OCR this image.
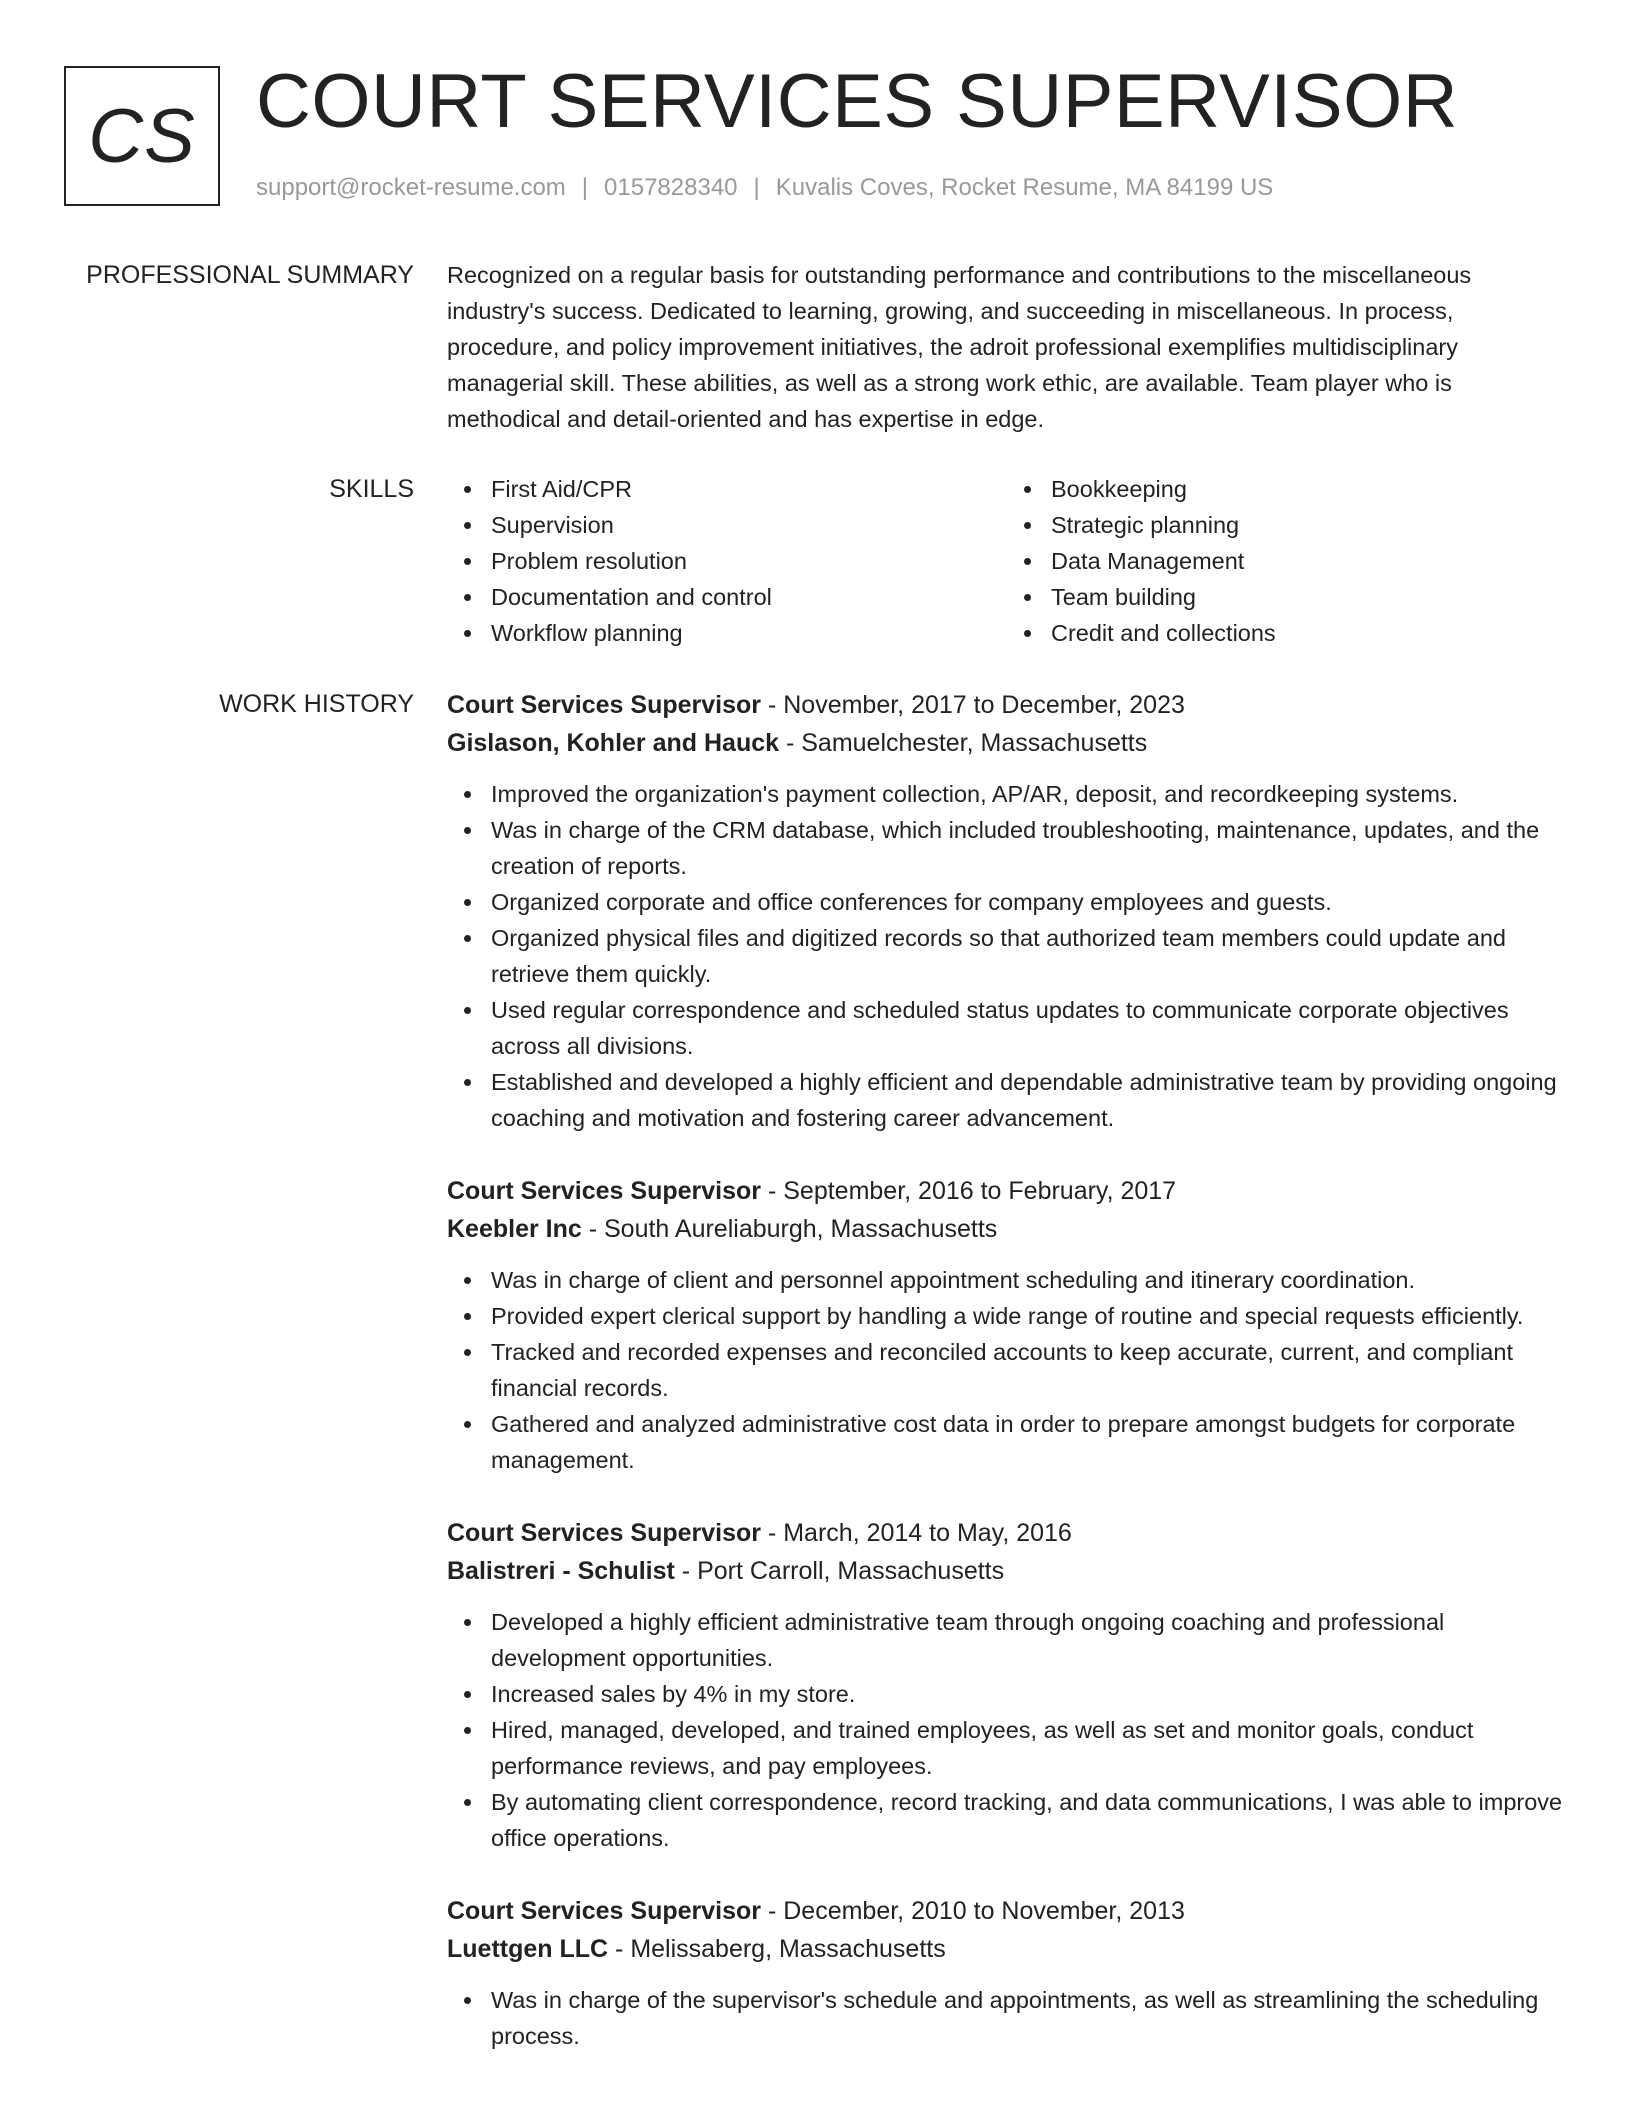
CS COURT SERVICES SUPERVISOR
support@rocket-resume.com | 0157828340 | Kuvalis Coves, Rocket Resume, MA 84199 US
PROFESSIONAL SUMMARY Recognized on a regular basis for outstanding performance and contributions to the miscellaneous industry's success. Dedicated to learning, growing, and succeeding in miscellaneous. In process, procedure, and policy improvement initiatives, the adroit professional exemplifies multidisciplinary managerial skill. These abilities, as well as a strong work ethic, are available. Team player who is methodical and detail-oriented and has expertise in edge.

SKILLS	First Aid/CPR
Supervision
Problem resolution
Documentation and control
Workflow planning
Bookkeeping
Strategic planning
Data Management
Team building
Credit and collections
WORK HISTORY Court Services Supervisor - November, 2017 to December, 2023

Gislason, Kohler and Hauck - Samuelchester, Massachusetts

Improved the organization's payment collection, AP/AR, deposit, and recordkeeping systems.
Was in charge of the CRM database, which included troubleshooting, maintenance, updates, and the creation of reports.
Organized corporate and office conferences for company employees and guests.
Organized physical files and digitized records so that authorized team members could update and retrieve them quickly.
Used regular correspondence and scheduled status updates to communicate corporate objectives across all divisions.
Established and developed a highly efficient and dependable administrative team by providing ongoing coaching and motivation and fostering career advancement.

Court Services Supervisor - September, 2016 to February, 2017

Keebler Inc - South Aureliaburgh, Massachusetts

Was in charge of client and personnel appointment scheduling and itinerary coordination.
Provided expert clerical support by handling a wide range of routine and special requests efficiently.
Tracked and recorded expenses and reconciled accounts to keep accurate, current, and compliant financial records.
Gathered and analyzed administrative cost data in order to prepare amongst budgets for corporate management.

Court Services Supervisor - March, 2014 to May, 2016

Balistreri - Schulist - Port Carroll, Massachusetts

Developed a highly efficient administrative team through ongoing coaching and professional development opportunities.
Increased sales by 4% in my store.
Hired, managed, developed, and trained employees, as well as set and monitor goals, conduct performance reviews, and pay employees.
By automating client correspondence, record tracking, and data communications, I was able to improve office operations.

Court Services Supervisor - December, 2010 to November, 2013

Luettgen LLC - Melissaberg, Massachusetts

Was in charge of the supervisor's schedule and appointments, as well as streamlining the scheduling process.
